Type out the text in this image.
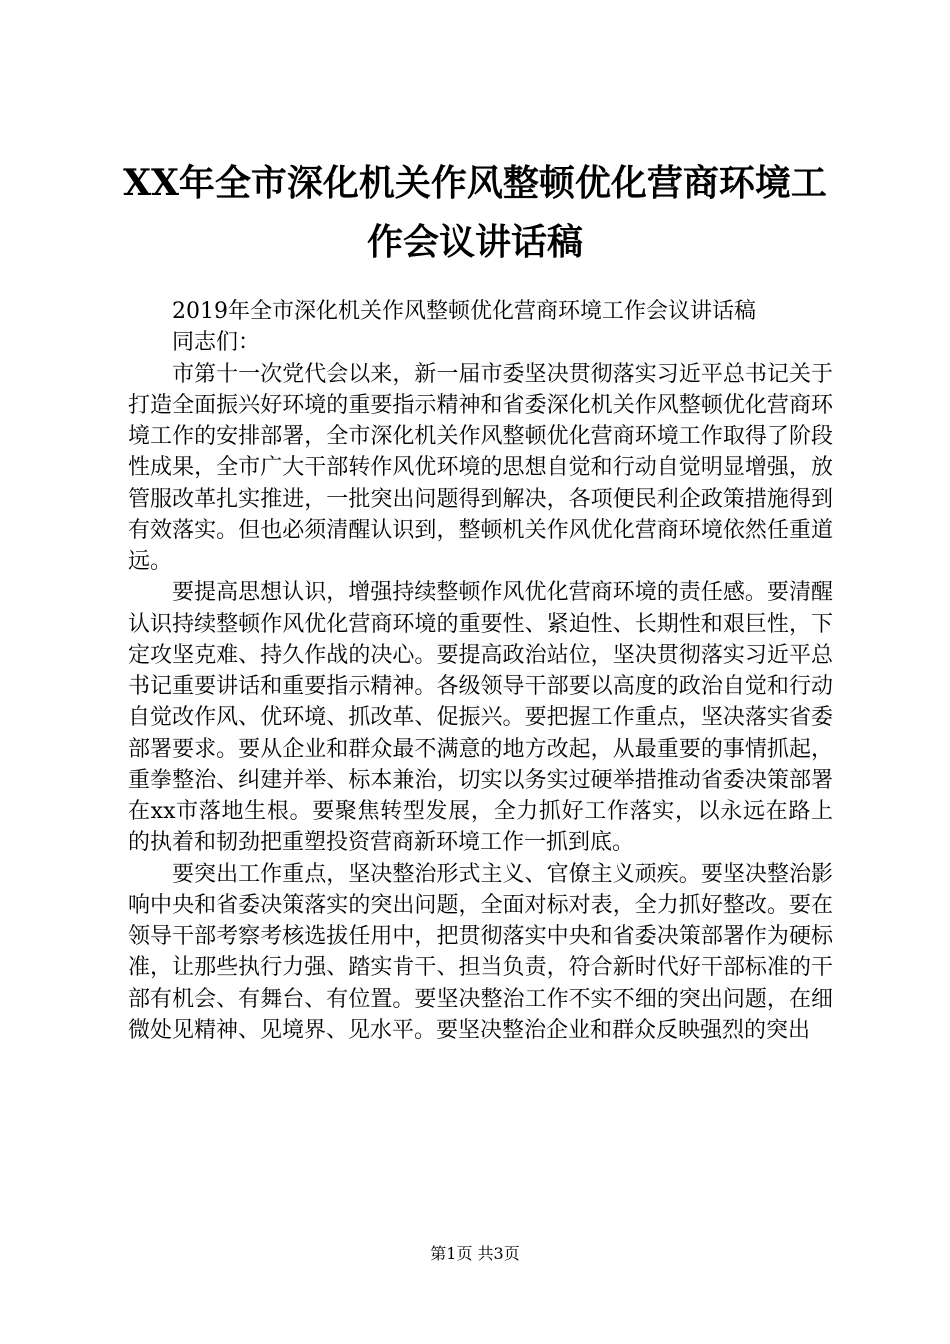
XX年全市深化机关作风整顿优化营商环境工
作会议讲话稿

2019年全市深化机关作风整顿优化营商环境工作会议讲话稿

同志们：

市第十一次党代会以来，新一届市委坚决贯彻落实习近平总书记关于打造全面振兴好环境的重要指示精神和省委深化机关作风整顿优化营商环境工作的安排部署，全市深化机关作风整顿优化营商环境工作取得了阶段性成果，全市广大干部转作风优环境的思想自觉和行动自觉明显增强，放管服改革扎实推进，一批突出问题得到解决，各项便民利企政策措施得到有效落实。但也必须清醒认识到，整顿机关作风优化营商环境依然任重道远。

要提高思想认识，增强持续整顿作风优化营商环境的责任感。要清醒认识持续整顿作风优化营商环境的重要性、紧迫性、长期性和艰巨性，下定攻坚克难、持久作战的决心。要提高政治站位，坚决贯彻落实习近平总书记重要讲话和重要指示精神。各级领导干部要以高度的政治自觉和行动自觉改作风、优环境、抓改革、促振兴。要把握工作重点，坚决落实省委部署要求。要从企业和群众最不满意的地方改起，从最重要的事情抓起，重拳整治、纠建并举、标本兼治，切实以务实过硬举措推动省委决策部署在xx市落地生根。要聚焦转型发展，全力抓好工作落实，以永远在路上的执着和韧劲把重塑投资营商新环境工作一抓到底。

要突出工作重点，坚决整治形式主义、官僚主义顽疾。要坚决整治影响中央和省委决策落实的突出问题，全面对标对表，全力抓好整改。要在领导干部考察考核选拔任用中，把贯彻落实中央和省委决策部署作为硬标准，让那些执行力强、踏实肯干、担当负责，符合新时代好干部标准的干部有机会、有舞台、有位置。要坚决整治工作不实不细的突出问题，在细微处见精神、见境界、见水平。要坚决整治企业和群众反映强烈的突出

第1页 共3页
